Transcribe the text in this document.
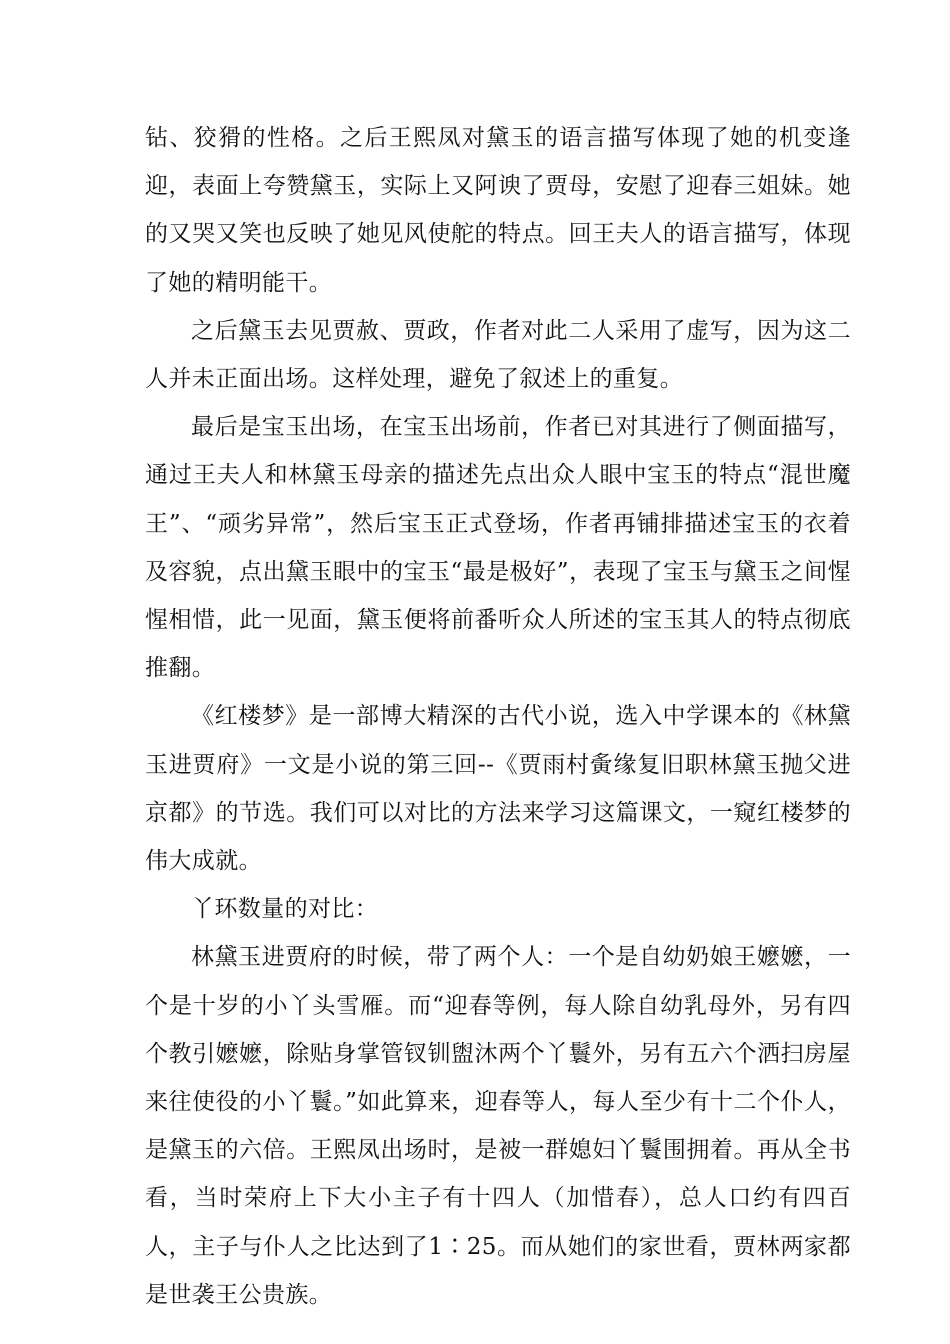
钻、狡猾的性格。之后王熙凤对黛玉的语言描写体现了她的机变逢迎，表面上夸赞黛玉，实际上又阿谀了贾母，安慰了迎春三姐妹。她的又哭又笑也反映了她见风使舵的特点。回王夫人的语言描写，体现了她的精明能干。

之后黛玉去见贾赦、贾政，作者对此二人采用了虚写，因为这二人并未正面出场。这样处理，避免了叙述上的重复。

最后是宝玉出场，在宝玉出场前，作者已对其进行了侧面描写，通过王夫人和林黛玉母亲的描述先点出众人眼中宝玉的特点“混世魔王”、“顽劣异常”，然后宝玉正式登场，作者再铺排描述宝玉的衣着及容貌，点出黛玉眼中的宝玉“最是极好”，表现了宝玉与黛玉之间惺惺相惜，此一见面，黛玉便将前番听众人所述的宝玉其人的特点彻底推翻。

《红楼梦》是一部博大精深的古代小说，选入中学课本的《林黛玉进贾府》一文是小说的第三回--《贾雨村夤缘复旧职林黛玉抛父进京都》的节选。我们可以对比的方法来学习这篇课文，一窥红楼梦的伟大成就。

丫环数量的对比：

林黛玉进贾府的时候，带了两个人：一个是自幼奶娘王嬷嬷，一个是十岁的小丫头雪雁。而“迎春等例，每人除自幼乳母外，另有四个教引嬷嬷，除贴身掌管钗钏盥沐两个丫鬟外，另有五六个洒扫房屋来往使役的小丫鬟。”如此算来，迎春等人，每人至少有十二个仆人，是黛玉的六倍。王熙凤出场时，是被一群媳妇丫鬟围拥着。再从全书看，当时荣府上下大小主子有十四人（加惜春），总人口约有四百人，主子与仆人之比达到了1∶25。而从她们的家世看，贾林两家都是世袭王公贵族。
